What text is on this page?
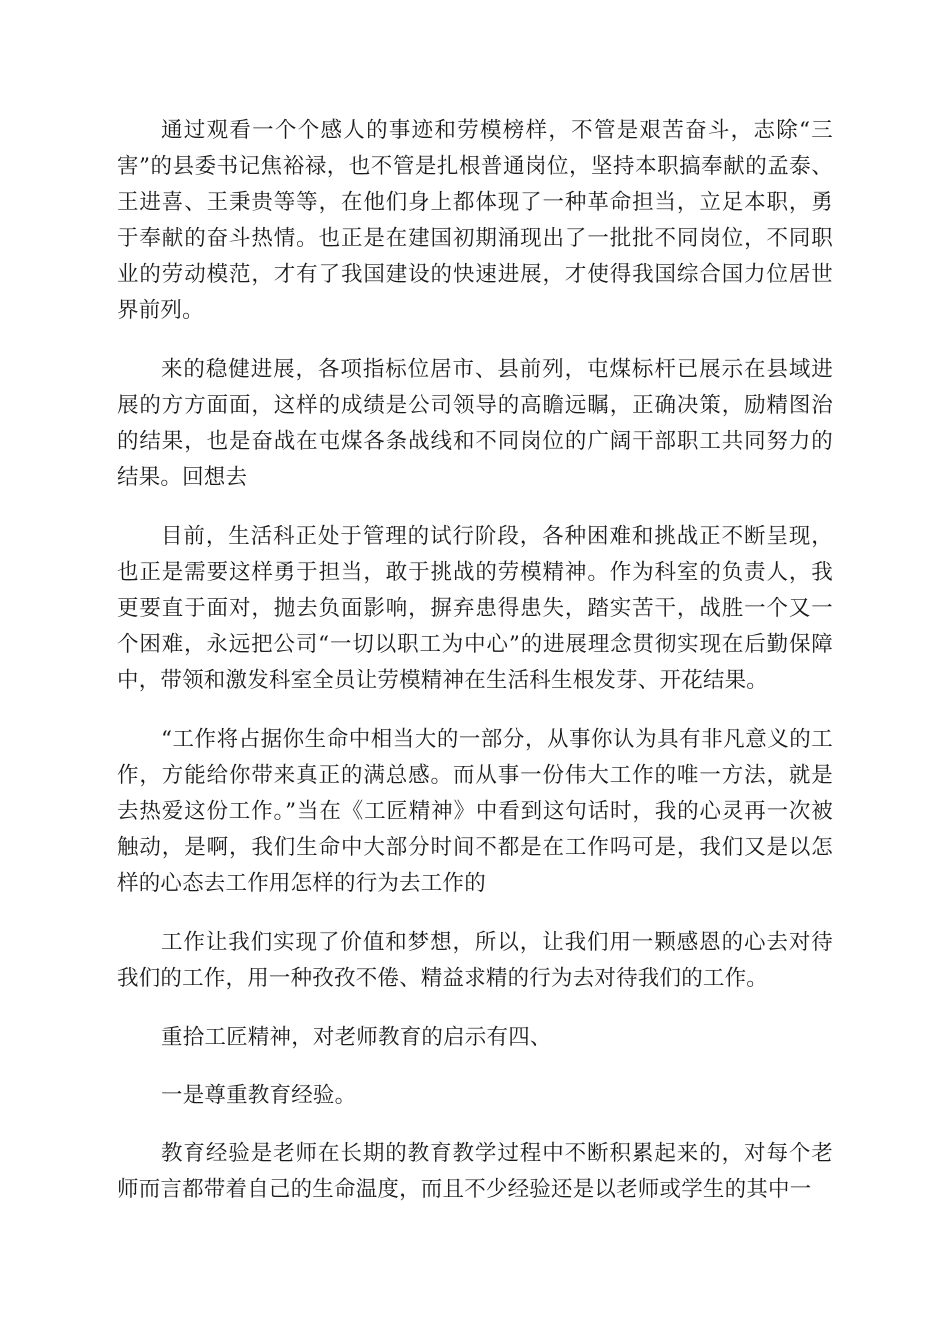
通过观看一个个感人的事迹和劳模榜样，不管是艰苦奋斗，志除“三害”的县委书记焦裕禄，也不管是扎根普通岗位，坚持本职搞奉献的孟泰、王进喜、王秉贵等等，在他们身上都体现了一种革命担当，立足本职，勇于奉献的奋斗热情。也正是在建国初期涌现出了一批批不同岗位，不同职业的劳动模范，才有了我国建设的快速进展，才使得我国综合国力位居世界前列。

来的稳健进展，各项指标位居市、县前列，屯煤标杆已展示在县域进展的方方面面，这样的成绩是公司领导的高瞻远瞩，正确决策，励精图治的结果，也是奋战在屯煤各条战线和不同岗位的广阔干部职工共同努力的结果。回想去

目前，生活科正处于管理的试行阶段，各种困难和挑战正不断呈现，也正是需要这样勇于担当，敢于挑战的劳模精神。作为科室的负责人，我更要直于面对，抛去负面影响，摒弃患得患失，踏实苦干，战胜一个又一个困难，永远把公司“一切以职工为中心”的进展理念贯彻实现在后勤保障中，带领和激发科室全员让劳模精神在生活科生根发芽、开花结果。

“工作将占据你生命中相当大的一部分，从事你认为具有非凡意义的工作，方能给你带来真正的满总感。而从事一份伟大工作的唯一方法，就是去热爱这份工作。”当在《工匠精神》中看到这句话时，我的心灵再一次被触动，是啊，我们生命中大部分时间不都是在工作吗可是，我们又是以怎样的心态去工作用怎样的行为去工作的

工作让我们实现了价值和梦想，所以，让我们用一颗感恩的心去对待我们的工作，用一种孜孜不倦、精益求精的行为去对待我们的工作。

重拾工匠精神，对老师教育的启示有四、

一是尊重教育经验。

教育经验是老师在长期的教育教学过程中不断积累起来的，对每个老师而言都带着自己的生命温度，而且不少经验还是以老师或学生的其中一
